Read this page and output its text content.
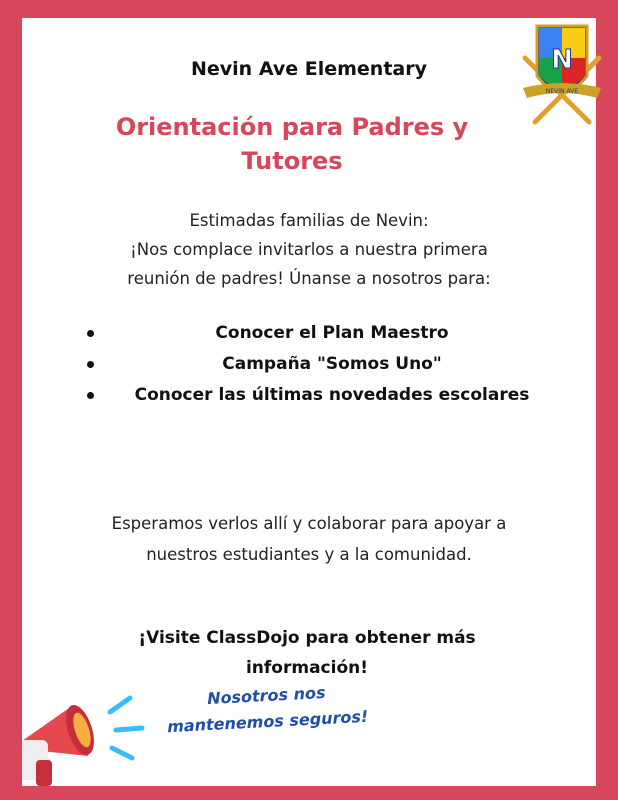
Nevin Ave Elementary
Orientación para Padres y
Tutores
Estimadas familias de Nevin:
¡Nos complace invitarlos a nuestra primera
reunión de padres! Únanse a nosotros para:
Conocer el Plan Maestro
Campaña "Somos Uno"
Conocer las últimas novedades escolares
Esperamos verlos allí y colaborar para apoyar a
nuestros estudiantes y a la comunidad.
¡Visite ClassDojo para obtener más
información!
Nosotros nos
mantenemos seguros!
N
NEVIN AVE
